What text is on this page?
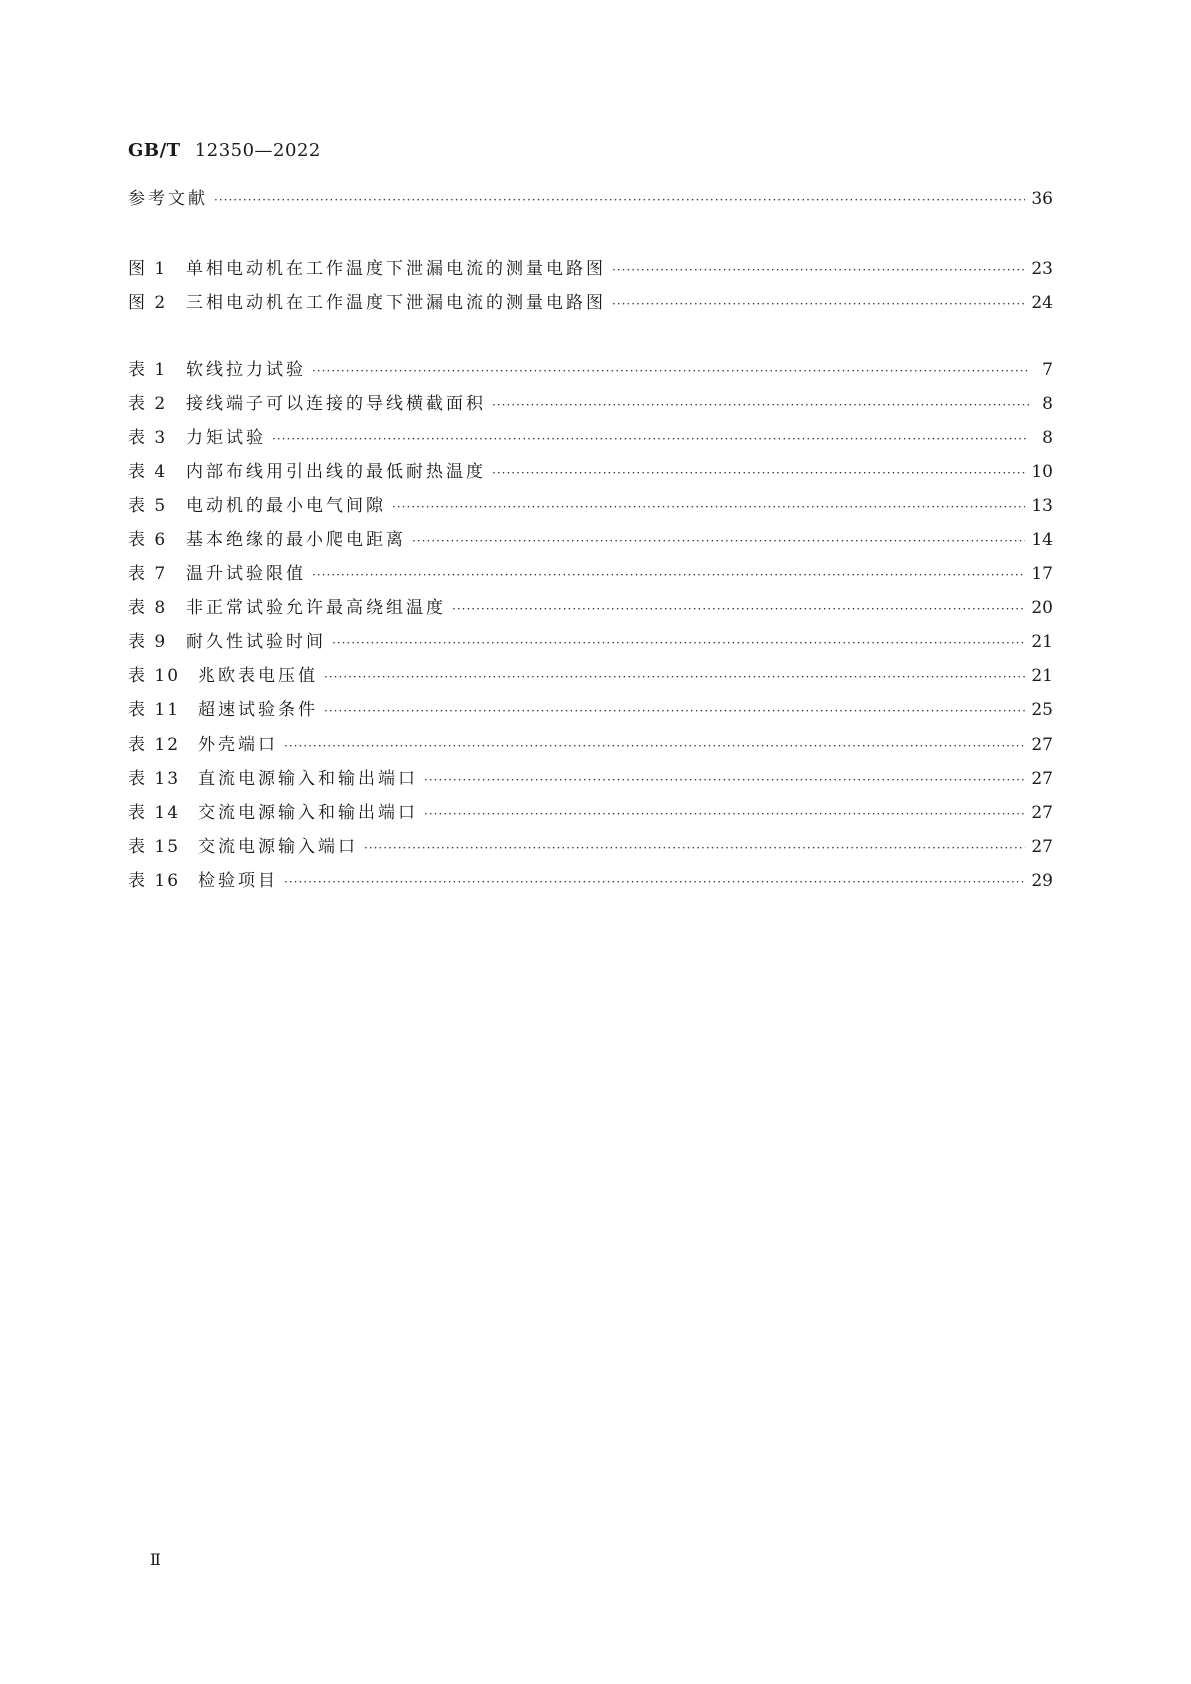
GB/T 12350—2022
参考文献 ·····	36
图 1	单相电动机在工作温度下泄漏电流的测量电路图 ·····	23
图 2	三相电动机在工作温度下泄漏电流的测量电路图 ·····	24
表 1	软线拉力试验 ·····	7
表 2	接线端子可以连接的导线横截面积 ·····	8
表 3	力矩试验 ·····	8
表 4	内部布线用引出线的最低耐热温度 ·····	10
表 5	电动机的最小电气间隙 ·····	13
表 6	基本绝缘的最小爬电距离 ·····	14
表 7	温升试验限值 ·····	17
表 8	非正常试验允许最高绕组温度 ·····	20
表 9	耐久性试验时间 ·····	21
表 10	兆欧表电压值 ·····	21
表 11	超速试验条件 ·····	25
表 12	外壳端口 ·····	27
表 13	直流电源输入和输出端口 ·····	27
表 14	交流电源输入和输出端口 ·····	27
表 15	交流电源输入端口 ·····	27
表 16	检验项目 ·····	29
Ⅱ
